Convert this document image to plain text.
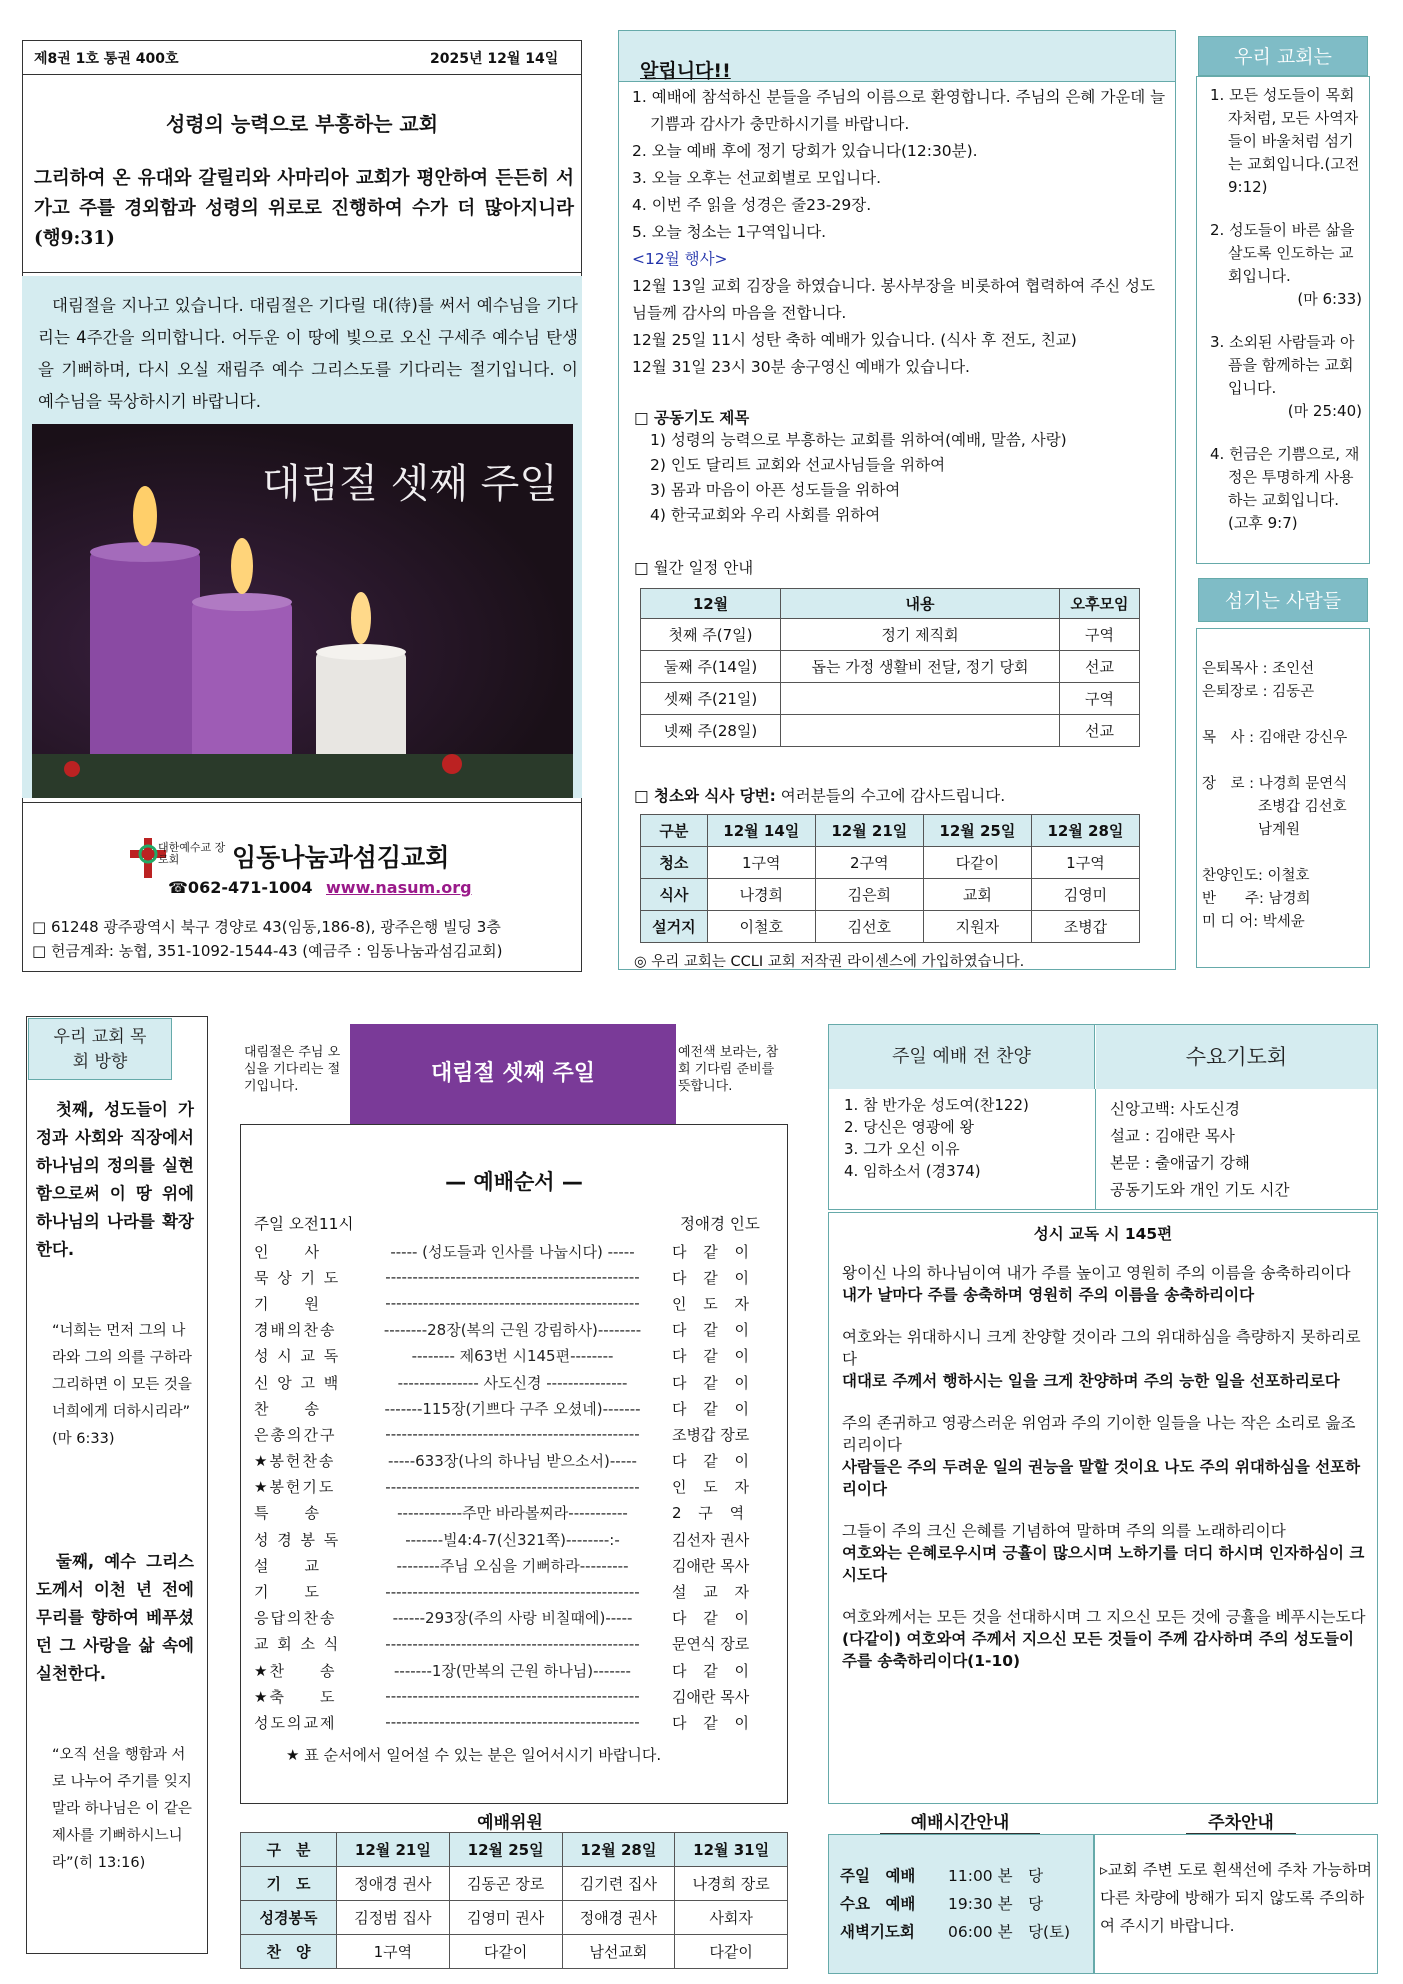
제8권 1호 통권 400호	2025년 12월 14일
성령의 능력으로 부흥하는 교회
그리하여 온 유대와 갈릴리와 사마리아 교회가 평안하여 든든히 서 가고 주를 경외함과 성령의 위로로 진행하여 수가 더 많아지니라(행9:31)
대림절을 지나고 있습니다. 대림절은 기다릴 대(待)를 써서 예수님을 기다리는 4주간을 의미합니다. 어두운 이 땅에 빛으로 오신 구세주 예수님 탄생을 기뻐하며, 다시 오실 재림주 예수 그리스도를 기다리는 절기입니다. 이 예수님을 묵상하시기 바랍니다.
대림절 셋째 주일
대한예수교 장로회	임동나눔과섬김교회
☎062-471-1004 www.nasum.org
□ 61248 광주광역시 북구 경양로 43(임동,186-8), 광주은행 빌딩 3층
□ 헌금계좌: 농협, 351-1092-1544-43 (예금주 : 임동나눔과섬김교회)
알립니다!!
1. 예배에 참석하신 분들을 주님의 이름으로 환영합니다. 주님의 은혜 가운데 늘 기쁨과 감사가 충만하시기를 바랍니다.
2. 오늘 예배 후에 정기 당회가 있습니다(12:30분).
3. 오늘 오후는 선교회별로 모입니다.
4. 이번 주 읽을 성경은 줄23-29장.
5. 오늘 청소는 1구역입니다.
<12월 행사>
12월 13일 교회 김장을 하였습니다. 봉사부장을 비롯하여 협력하여 주신 성도님들께 감사의 마음을 전합니다.
12월 25일 11시 성탄 축하 예배가 있습니다. (식사 후 전도, 친교)
12월 31일 23시 30분 송구영신 예배가 있습니다.
□ 공동기도 제목
1) 성령의 능력으로 부흥하는 교회를 위하여(예배, 말씀, 사랑)
2) 인도 달리트 교회와 선교사님들을 위하여
3) 몸과 마음이 아픈 성도들을 위하여
4) 한국교회와 우리 사회를 위하여
□ 월간 일정 안내
12월	내용	오후모임
첫째 주(7일)	정기 제직회	구역
둘째 주(14일)	돕는 가정 생활비 전달, 정기 당회	선교
셋째 주(21일)		구역
넷째 주(28일)		선교
□ 청소와 식사 당번: 여러분들의 수고에 감사드립니다.
구분	12월 14일	12월 21일	12월 25일	12월 28일
청소	1구역	2구역	다같이	1구역
식사	나경희	김은희	교회	김영미
설거지	이철호	김선호	지원자	조병갑
◎ 우리 교회는 CCLI 교회 저작권 라이센스에 가입하였습니다.
우리 교회는
1. 모든 성도들이 목회자처럼, 모든 사역자들이 바울처럼 섬기는 교회입니다.(고전 9:12)
2. 성도들이 바른 삶을 살도록 인도하는 교회입니다.
(마 6:33)
3. 소외된 사람들과 아픔을 함께하는 교회입니다.
(마 25:40)
4. 헌금은 기쁨으로, 재정은 투명하게 사용하는 교회입니다. (고후 9:7)
섬기는 사람들
은퇴목사 : 조인선
은퇴장로 : 김동곤
목　사 : 김애란 강신우
장　로 : 나경희 문연식
조병갑 김선호
남계원
찬양인도: 이철호
반　　주: 남경희
미 디 어: 박세윤
우리 교회 목회 방향
첫째, 성도들이 가정과 사회와 직장에서 하나님의 정의를 실현함으로써 이 땅 위에 하나님의 나라를 확장한다.
“너희는 먼저 그의 나라와 그의 의를 구하라 그리하면 이 모든 것을 너희에게 더하시리라” (마 6:33)
둘째, 예수 그리스도께서 이천 년 전에 무리를 향하여 베푸셨던 그 사랑을 삶 속에 실천한다.
“오직 선을 행함과 서로 나누어 주기를 잊지 말라 하나님은 이 같은 제사를 기뻐하시느니라”(히 13:16)
대림절은 주님 오심을 기다리는 절기입니다.
대림절 셋째 주일
예전색 보라는, 참회 기다림 준비를 뜻합니다.
— 예배순서 —
주일 오전11시	정애경 인도
인　　사	----- (성도들과 인사를 나눕시다) -----	다 같 이
묵 상 기 도	-----------------------------------------------	다 같 이
기　　원	-----------------------------------------------	인 도 자
경배의찬송	--------28장(복의 근원 강림하사)--------	다 같 이
성 시 교 독	-------- 제63번 시145편--------	다 같 이
신 앙 고 백	--------------- 사도신경 ---------------	다 같 이
찬　　송	-------115장(기쁘다 구주 오셨네)-------	다 같 이
은총의간구	-----------------------------------------------	조병갑 장로
★봉헌찬송	-----633장(나의 하나님 받으소서)-----	다 같 이
★봉헌기도	-----------------------------------------------	인 도 자
특　　송	------------주만 바라볼찌라-----------	2 구 역
성 경 봉 독	-------빌4:4-7(신321쪽)--------:-	김선자 권사
설　　교	--------주님 오심을 기뻐하라---------	김애란 목사
기　　도	-----------------------------------------------	설 교 자
응답의찬송	------293장(주의 사랑 비칠때에)-----	다 같 이
교 회 소 식	-----------------------------------------------	문연식 장로
★찬　　송	-------1장(만복의 근원 하나님)-------	다 같 이
★축　　도	-----------------------------------------------	김애란 목사
성도의교제	-----------------------------------------------	다 같 이
★ 표 순서에서 일어설 수 있는 분은 일어서시기 바랍니다.
예배위원
구　분	12월 21일	12월 25일	12월 28일	12월 31일
기　도	정애경 권사	김동곤 장로	김기련 집사	나경희 장로
성경봉독	김정범 집사	김영미 권사	정애경 권사	사회자
찬　양	1구역	다같이	남선교회	다같이
주일 예배 전 찬양	수요기도회
1. 참 반가운 성도여(찬122)
2. 당신은 영광에 왕
3. 그가 오신 이유
4. 임하소서 (경374)
신앙고백: 사도신경
설교 : 김애란 목사
본문 : 출애굽기 강해
공동기도와 개인 기도 시간
성시 교독 시 145편

왕이신 나의 하나님이여 내가 주를 높이고 영원히 주의 이름을 송축하리이다
내가 날마다 주를 송축하며 영원히 주의 이름을 송축하리이다

여호와는 위대하시니 크게 찬양할 것이라 그의 위대하심을 측량하지 못하리로다
대대로 주께서 행하시는 일을 크게 찬양하며 주의 능한 일을 선포하리로다

주의 존귀하고 영광스러운 위엄과 주의 기이한 일들을 나는 작은 소리로 읊조리리이다
사람들은 주의 두려운 일의 권능을 말할 것이요 나도 주의 위대하심을 선포하리이다

그들이 주의 크신 은혜를 기념하여 말하며 주의 의를 노래하리이다
여호와는 은혜로우시며 긍휼이 많으시며 노하기를 더디 하시며 인자하심이 크시도다

여호와께서는 모든 것을 선대하시며 그 지으신 모든 것에 긍휼을 베푸시는도다
(다같이) 여호와여 주께서 지으신 모든 것들이 주께 감사하며 주의 성도들이 주를 송축하리이다(1-10)

예배시간안내	주차안내
주일　예배 11:00 본　당
수요　예배 19:30 본　당
새벽기도회 06:00 본　당(토)
▹교회 주변 도로 흰색선에 주차 가능하며 다른 차량에 방해가 되지 않도록 주의하여 주시기 바랍니다.
